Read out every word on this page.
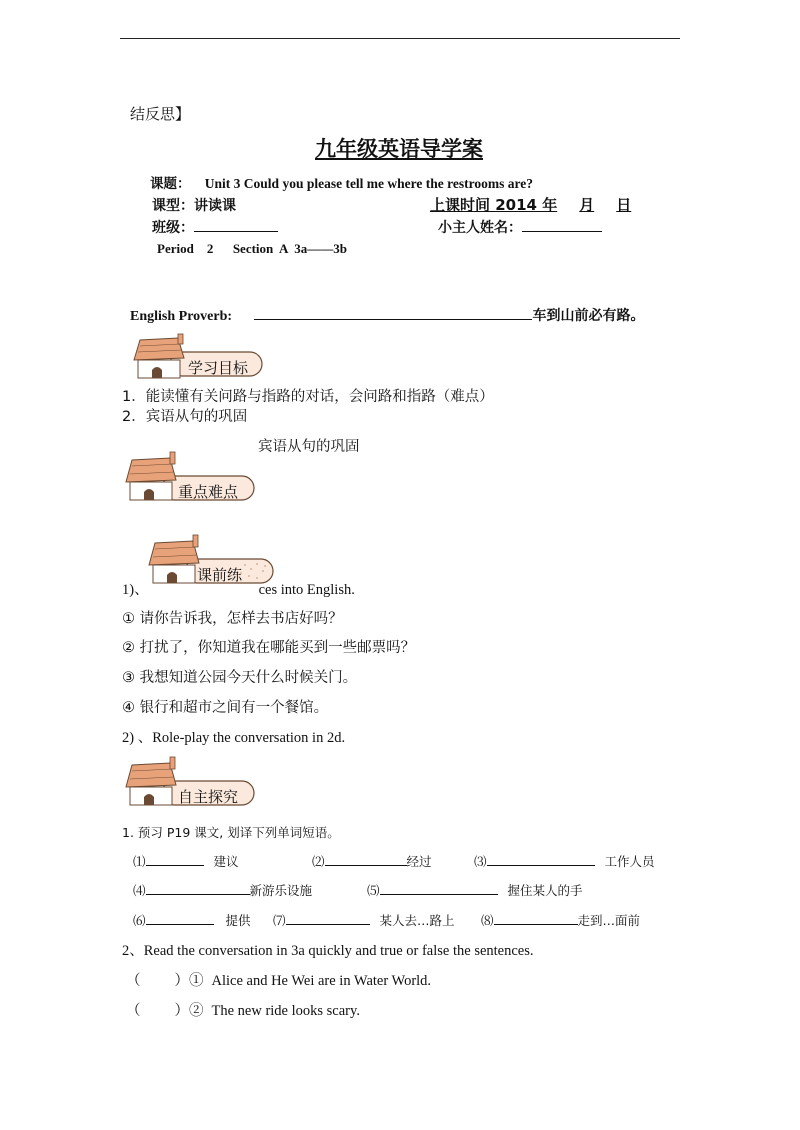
结反思】
九年级英语导学案
课题： Unit 3 Could you please tell me where the restrooms are?
课型：讲读课	上课时间 2014 年 月 日
班级：	小主人姓名：
Period    2      Section  A  3a——3b
English Proverb:	车到山前必有路。
学习目标
1．能读懂有关问路与指路的对话，会问路和指路（难点）
2．宾语从句的巩固
宾语从句的巩固
重点难点
课前练
1)、	ces into English.
① 请你告诉我，怎样去书店好吗？
② 打扰了，你知道我在哪能买到一些邮票吗？
③ 我想知道公园今天什么时候关门。
④ 银行和超市之间有一个餐馆。
2) 、Role-play the conversation in 2d.
自主探究
1. 预习 P19 课文, 划译下列单词短语。
⑴	建议	⑵	经过	⑶	工作人员
⑷	新游乐设施	⑸	握住某人的手
⑹	提供 ⑺	某人去…路上 ⑻	走到…面前
2、Read the conversation in 3a quickly and true or false the sentences.
（ ）① Alice and He Wei are in Water World.
（ ）② The new ride looks scary.
